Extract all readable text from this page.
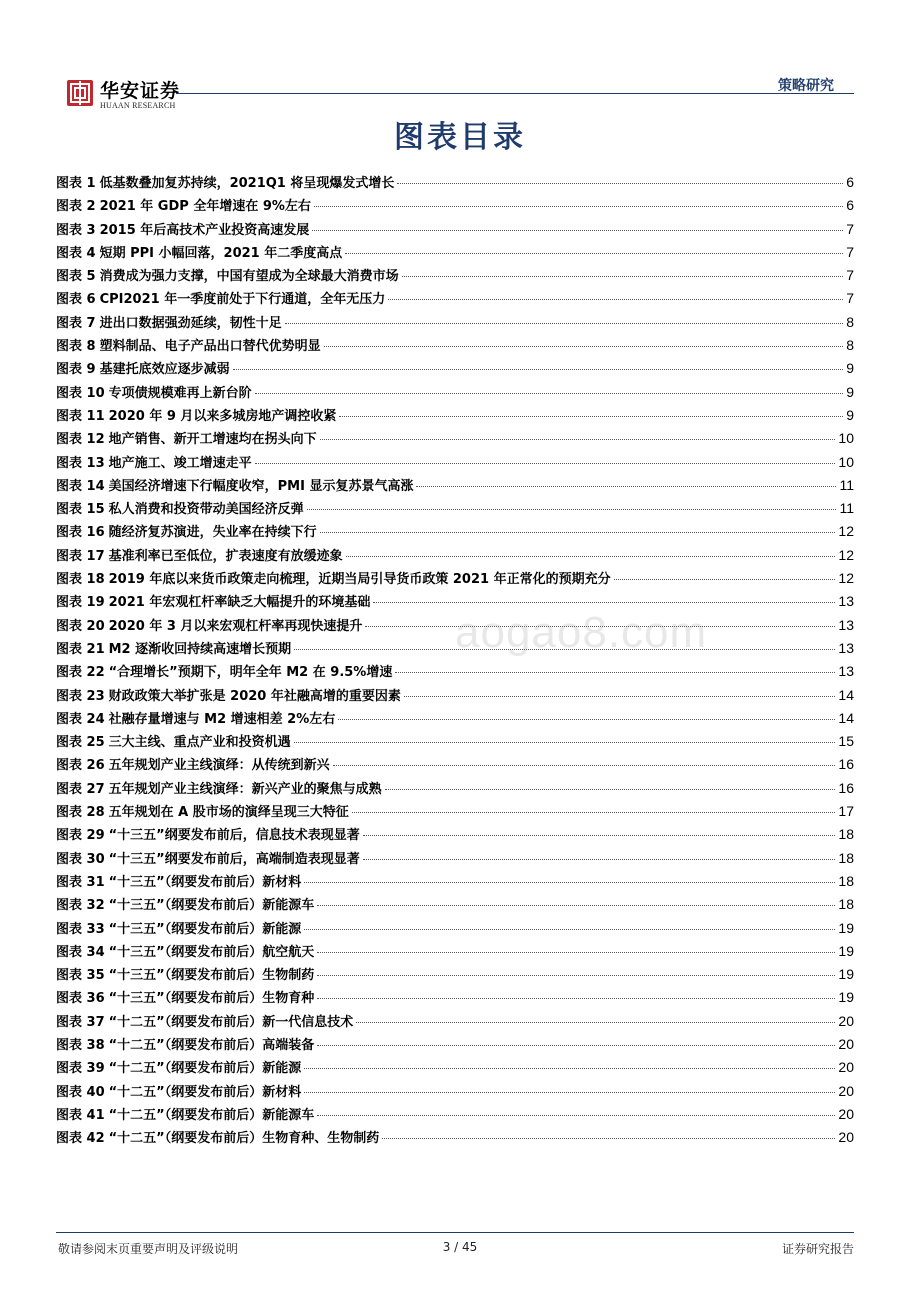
华安证券
HUAAN RESEARCH
策略研究
图表目录
图表 1 低基数叠加复苏持续，2021Q1 将呈现爆发式增长	6
图表 2 2021 年 GDP 全年增速在 9%左右	6
图表 3 2015 年后高技术产业投资高速发展	7
图表 4 短期 PPI 小幅回落，2021 年二季度高点	7
图表 5 消费成为强力支撑，中国有望成为全球最大消费市场	7
图表 6 CPI2021 年一季度前处于下行通道，全年无压力	7
图表 7 进出口数据强劲延续，韧性十足	8
图表 8 塑料制品、电子产品出口替代优势明显	8
图表 9 基建托底效应逐步减弱	9
图表 10 专项债规模难再上新台阶	9
图表 11 2020 年 9 月以来多城房地产调控收紧	9
图表 12 地产销售、新开工增速均在拐头向下	10
图表 13 地产施工、竣工增速走平	10
图表 14 美国经济增速下行幅度收窄，PMI 显示复苏景气高涨	11
图表 15 私人消费和投资带动美国经济反弹	11
图表 16 随经济复苏演进，失业率在持续下行	12
图表 17 基准利率已至低位，扩表速度有放缓迹象	12
图表 18 2019 年底以来货币政策走向梳理，近期当局引导货币政策 2021 年正常化的预期充分	12
图表 19 2021 年宏观杠杆率缺乏大幅提升的环境基础	13
图表 20 2020 年 3 月以来宏观杠杆率再现快速提升	13
图表 21 M2 逐渐收回持续高速增长预期	13
图表 22 “合理增长”预期下，明年全年 M2 在 9.5%增速	13
图表 23 财政政策大举扩张是 2020 年社融高增的重要因素	14
图表 24 社融存量增速与 M2 增速相差 2%左右	14
图表 25 三大主线、重点产业和投资机遇	15
图表 26 五年规划产业主线演绎：从传统到新兴	16
图表 27 五年规划产业主线演绎：新兴产业的聚焦与成熟	16
图表 28 五年规划在 A 股市场的演绎呈现三大特征	17
图表 29 “十三五”纲要发布前后，信息技术表现显著	18
图表 30 “十三五”纲要发布前后，高端制造表现显著	18
图表 31 “十三五”（纲要发布前后）新材料	18
图表 32 “十三五”（纲要发布前后）新能源车	18
图表 33 “十三五”（纲要发布前后）新能源	19
图表 34 “十三五”（纲要发布前后）航空航天	19
图表 35 “十三五”（纲要发布前后）生物制药	19
图表 36 “十三五”（纲要发布前后）生物育种	19
图表 37 “十二五”（纲要发布前后）新一代信息技术	20
图表 38 “十二五”（纲要发布前后）高端装备	20
图表 39 “十二五”（纲要发布前后）新能源	20
图表 40 “十二五”（纲要发布前后）新材料	20
图表 41 “十二五”（纲要发布前后）新能源车	20
图表 42 “十二五”（纲要发布前后）生物育种、生物制药	20
aogao8.com
敬请参阅末页重要声明及评级说明	3 / 45	证券研究报告
